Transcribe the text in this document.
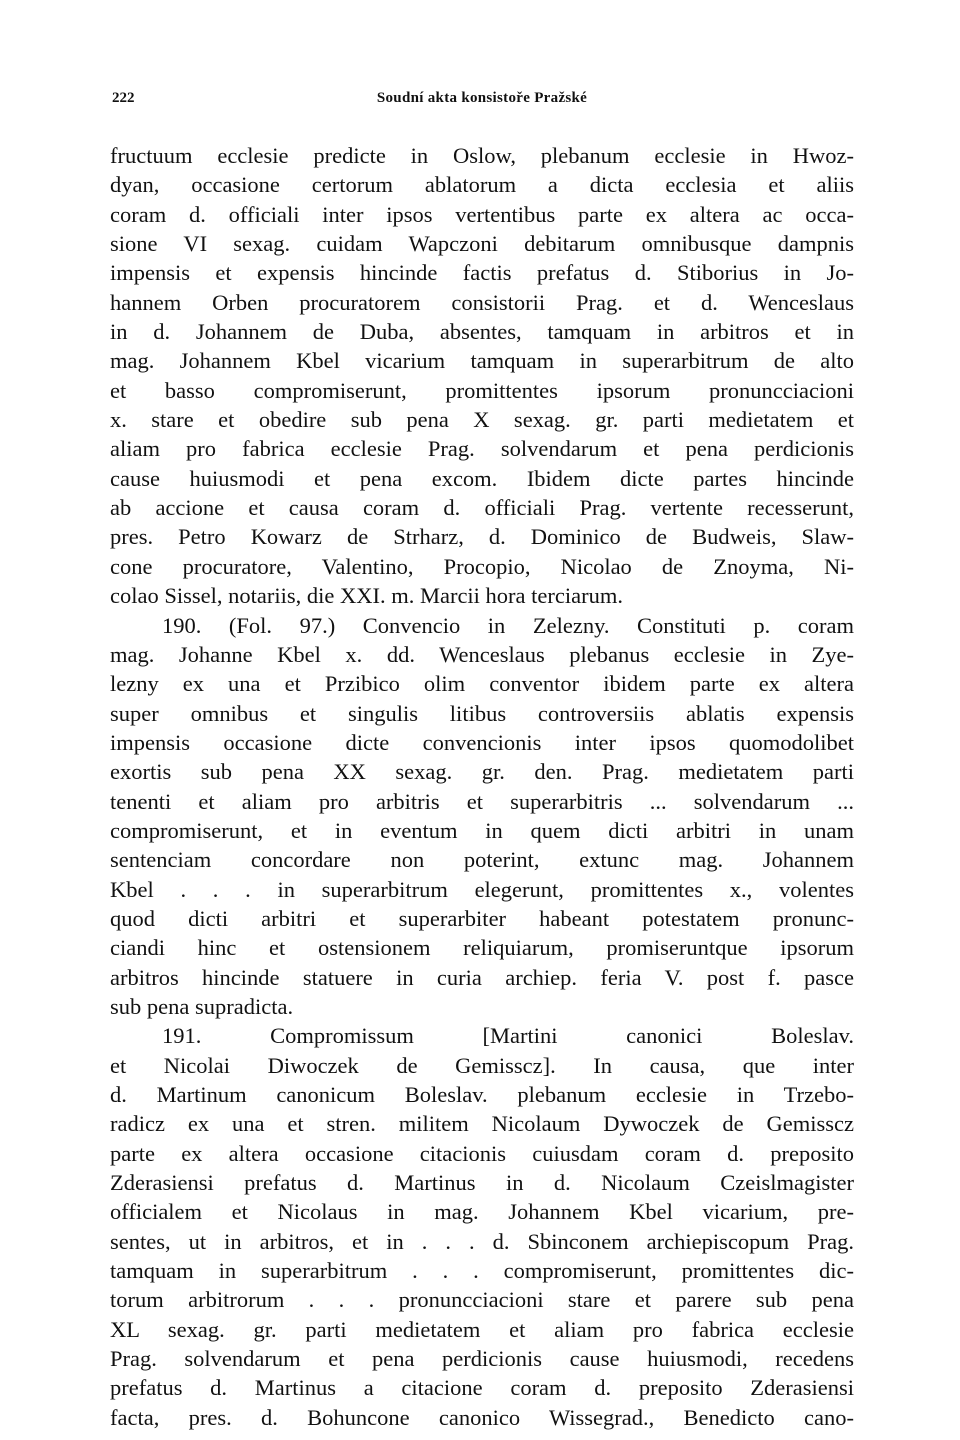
222	Soudní akta konsistoře Pražské
fructuum ecclesie predicte in Oslow, plebanum ecclesie in Hwoz-
dyan, occasione certorum ablatorum a dicta ecclesia et aliis
coram d. officiali inter ipsos vertentibus parte ex altera ac occa-
sione VI sexag. cuidam Wapczoni debitarum omnibusque dampnis
impensis et expensis hincinde factis prefatus d. Stiborius in Jo-
hannem Orben procuratorem consistorii Prag. et d. Wenceslaus
in d. Johannem de Duba, absentes, tamquam in arbitros et in
mag. Johannem Kbel vicarium tamquam in superarbitrum de alto
et basso compromiserunt, promittentes ipsorum pronuncciacioni
x. stare et obedire sub pena X sexag. gr. parti medietatem et
aliam pro fabrica ecclesie Prag. solvendarum et pena perdicionis
cause huiusmodi et pena excom. Ibidem dicte partes hincinde
ab accione et causa coram d. officiali Prag. vertente recesserunt,
pres. Petro Kowarz de Strharz, d. Dominico de Budweis, Slaw-
cone procuratore, Valentino, Procopio, Nicolao de Znoyma, Ni-
colao Sissel, notariis, die XXI. m. Marcii hora terciarum.
190. (Fol. 97.) Convencio in Zelezny. Constituti p. coram
mag. Johanne Kbel x. dd. Wenceslaus plebanus ecclesie in Zye-
lezny ex una et Przibico olim conventor ibidem parte ex altera
super omnibus et singulis litibus controversiis ablatis expensis
impensis occasione dicte convencionis inter ipsos quomodolibet
exortis sub pena XX sexag. gr. den. Prag. medietatem parti
tenenti et aliam pro arbitris et superarbitris ... solvendarum ...
compromiserunt, et in eventum in quem dicti arbitri in unam
sentenciam concordare non poterint, extunc mag. Johannem
Kbel . . . in superarbitrum elegerunt, promittentes x., volentes
quod dicti arbitri et superarbiter habeant potestatem pronunc-
ciandi hinc et ostensionem reliquiarum, promiseruntque ipsorum
arbitros hincinde statuere in curia archiep. feria V. post f. pasce
sub pena supradicta.
191. Compromissum [Martini canonici Boleslav.
et Nicolai Diwoczek de Gemisscz]. In causa, que inter
d. Martinum canonicum Boleslav. plebanum ecclesie in Trzebo-
radicz ex una et stren. militem Nicolaum Dywoczek de Gemisscz
parte ex altera occasione citacionis cuiusdam coram d. preposito
Zderasiensi prefatus d. Martinus in d. Nicolaum Czeislmagister
officialem et Nicolaus in mag. Johannem Kbel vicarium, pre-
sentes, ut in arbitros, et in . . . d. Sbinconem archiepiscopum Prag.
tamquam in superarbitrum . . . compromiserunt, promittentes dic-
torum arbitrorum . . . pronuncciacioni stare et parere sub pena
XL sexag. gr. parti medietatem et aliam pro fabrica ecclesie
Prag. solvendarum et pena perdicionis cause huiusmodi, recedens
prefatus d. Martinus a citacione coram d. preposito Zderasiensi
facta, pres. d. Bohuncone canonico Wissegrad., Benedicto cano-
